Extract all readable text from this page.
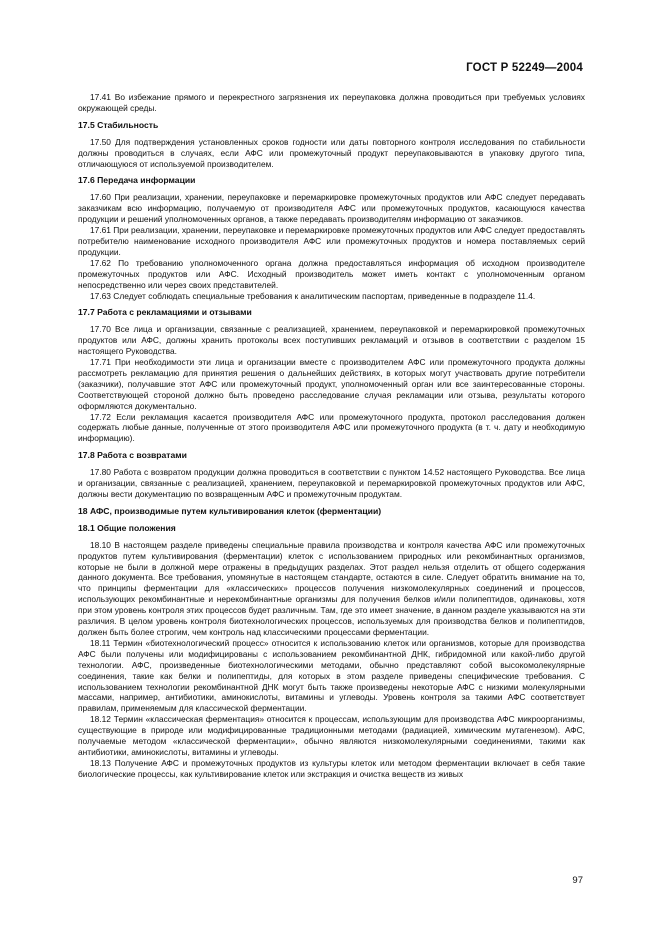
ГОСТ Р 52249—2004

17.41 Во избежание прямого и перекрестного загрязнения их переупаковка должна проводиться при требуемых условиях окружающей среды.

17.5 Стабильность

17.50 Для подтверждения установленных сроков годности или даты повторного контроля исследования по стабильности должны проводиться в случаях, если АФС или промежуточный продукт переупаковываются в упаковку другого типа, отличающуюся от используемой производителем.

17.6 Передача информации

17.60 При реализации, хранении, переупаковке и перемаркировке промежуточных продуктов или АФС следует передавать заказчикам всю информацию, получаемую от производителя АФС или промежуточных продуктов, касающуюся качества продукции и решений уполномоченных органов, а также передавать производителям информацию от заказчиков.

17.61 При реализации, хранении, переупаковке и перемаркировке промежуточных продуктов или АФС следует предоставлять потребителю наименование исходного производителя АФС или промежуточных продуктов и номера поставляемых серий продукции.

17.62 По требованию уполномоченного органа должна предоставляться информация об исходном производителе промежуточных продуктов или АФС. Исходный производитель может иметь контакт с уполномоченным органом непосредственно или через своих представителей.

17.63 Следует соблюдать специальные требования к аналитическим паспортам, приведенные в подразделе 11.4.

17.7 Работа с рекламациями и отзывами

17.70 Все лица и организации, связанные с реализацией, хранением, переупаковкой и перемаркировкой промежуточных продуктов или АФС, должны хранить протоколы всех поступивших рекламаций и отзывов в соответствии с разделом 15 настоящего Руководства.

17.71 При необходимости эти лица и организации вместе с производителем АФС или промежуточного продукта должны рассмотреть рекламацию для принятия решения о дальнейших действиях, в которых могут участвовать другие потребители (заказчики), получавшие этот АФС или промежуточный продукт, уполномоченный орган или все заинтересованные стороны. Соответствующей стороной должно быть проведено расследование случая рекламации или отзыва, результаты которого оформляются документально.

17.72 Если рекламация касается производителя АФС или промежуточного продукта, протокол расследования должен содержать любые данные, полученные от этого производителя АФС или промежуточного продукта (в т. ч. дату и необходимую информацию).

17.8 Работа с возвратами

17.80 Работа с возвратом продукции должна проводиться в соответствии с пунктом 14.52 настоящего Руководства. Все лица и организации, связанные с реализацией, хранением, переупаковкой и перемаркировкой промежуточных продуктов или АФС, должны вести документацию по возвращенным АФС и промежуточным продуктам.

18 АФС, производимые путем культивирования клеток (ферментации)

18.1 Общие положения

18.10 В настоящем разделе приведены специальные правила производства и контроля качества АФС или промежуточных продуктов путем культивирования (ферментации) клеток с использованием природных или рекомбинантных организмов, которые не были в должной мере отражены в предыдущих разделах. Этот раздел нельзя отделить от общего содержания данного документа. Все требования, упомянутые в настоящем стандарте, остаются в силе. Следует обратить внимание на то, что принципы ферментации для «классических» процессов получения низкомолекулярных соединений и процессов, использующих рекомбинантные и нерекомбинантные организмы для получения белков и/или полипептидов, одинаковы, хотя при этом уровень контроля этих процессов будет различным. Там, где это имеет значение, в данном разделе указываются на эти различия. В целом уровень контроля биотехнологических процессов, используемых для производства белков и полипептидов, должен быть более строгим, чем контроль над классическими процессами ферментации.

18.11 Термин «биотехнологический процесс» относится к использованию клеток или организмов, которые для производства АФС были получены или модифицированы с использованием рекомбинантной ДНК, гибридомной или какой-либо другой технологии. АФС, произведенные биотехнологическими методами, обычно представляют собой высокомолекулярные соединения, такие как белки и полипептиды, для которых в этом разделе приведены специфические требования. С использованием технологии рекомбинантной ДНК могут быть также произведены некоторые АФС с низкими молекулярными массами, например, антибиотики, аминокислоты, витамины и углеводы. Уровень контроля за такими АФС соответствует правилам, применяемым для классической ферментации.

18.12 Термин «классическая ферментация» относится к процессам, использующим для производства АФС микроорганизмы, существующие в природе или модифицированные традиционными методами (радиацией, химическим мутагенезом). АФС, получаемые методом «классической ферментации», обычно являются низкомолекулярными соединениями, такими как антибиотики, аминокислоты, витамины и углеводы.

18.13 Получение АФС и промежуточных продуктов из культуры клеток или методом ферментации включает в себя такие биологические процессы, как культивирование клеток или экстракция и очистка веществ из живых

97
